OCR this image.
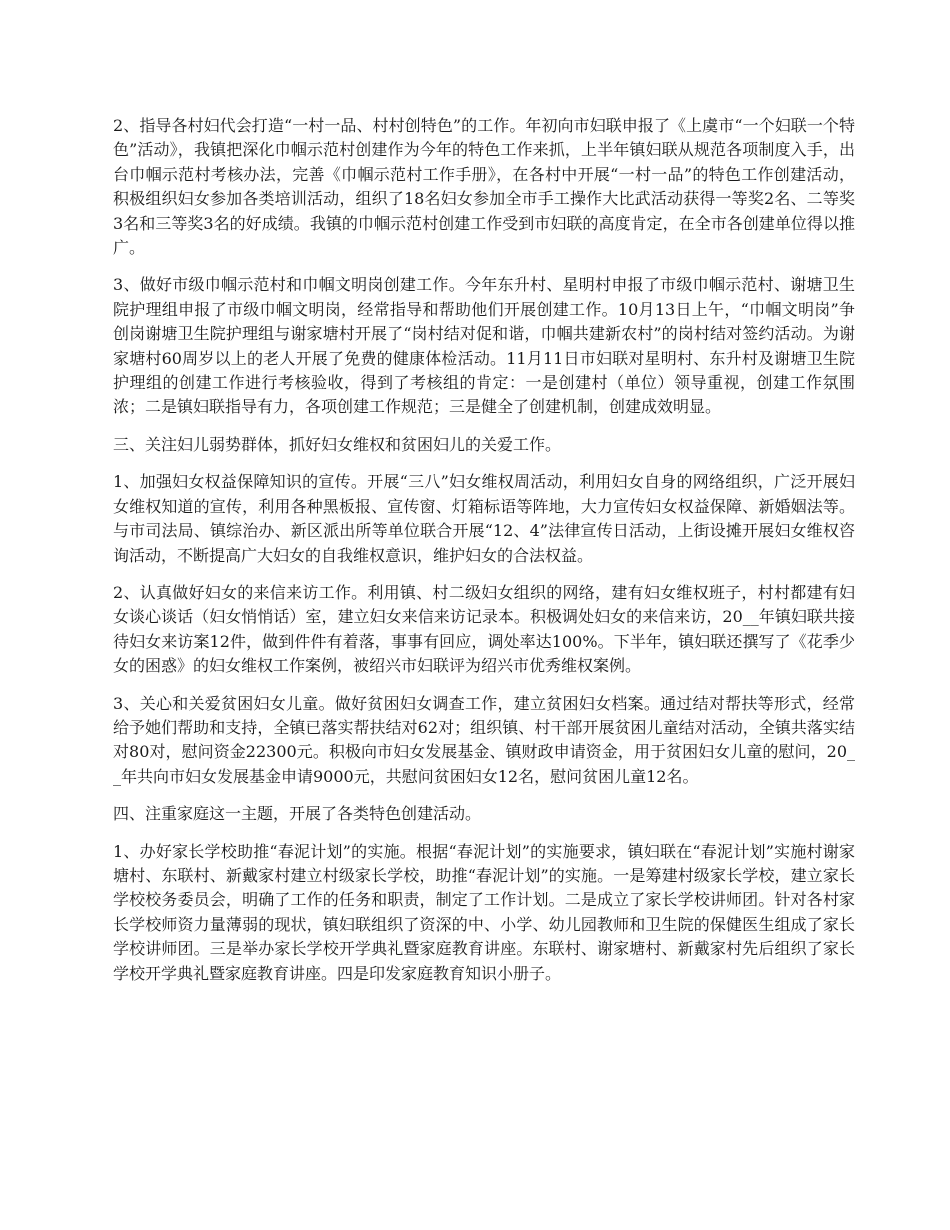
2、指导各村妇代会打造“一村一品、村村创特色”的工作。年初向市妇联申报了《上虞市“一个妇联一个特色”活动》，我镇把深化巾帼示范村创建作为今年的特色工作来抓，上半年镇妇联从规范各项制度入手，出台巾帼示范村考核办法，完善《巾帼示范村工作手册》，在各村中开展“一村一品”的特色工作创建活动，积极组织妇女参加各类培训活动，组织了18名妇女参加全市手工操作大比武活动获得一等奖2名、二等奖3名和三等奖3名的好成绩。我镇的巾帼示范村创建工作受到市妇联的高度肯定，在全市各创建单位得以推广。

3、做好市级巾帼示范村和巾帼文明岗创建工作。今年东升村、星明村申报了市级巾帼示范村、谢塘卫生院护理组申报了市级巾帼文明岗，经常指导和帮助他们开展创建工作。10月13日上午，“巾帼文明岗”争创岗谢塘卫生院护理组与谢家塘村开展了“岗村结对促和谐，巾帼共建新农村”的岗村结对签约活动。为谢家塘村60周岁以上的老人开展了免费的健康体检活动。11月11日市妇联对星明村、东升村及谢塘卫生院护理组的创建工作进行考核验收，得到了考核组的肯定：一是创建村（单位）领导重视，创建工作氛围浓；二是镇妇联指导有力，各项创建工作规范；三是健全了创建机制，创建成效明显。

三、关注妇儿弱势群体，抓好妇女维权和贫困妇儿的关爱工作。

1、加强妇女权益保障知识的宣传。开展“三八”妇女维权周活动，利用妇女自身的网络组织，广泛开展妇女维权知道的宣传，利用各种黑板报、宣传窗、灯箱标语等阵地，大力宣传妇女权益保障、新婚姻法等。与市司法局、镇综治办、新区派出所等单位联合开展“12、4”法律宣传日活动，上街设摊开展妇女维权咨询活动，不断提高广大妇女的自我维权意识，维护妇女的合法权益。

2、认真做好妇女的来信来访工作。利用镇、村二级妇女组织的网络，建有妇女维权班子，村村都建有妇女谈心谈话（妇女悄悄话）室，建立妇女来信来访记录本。积极调处妇女的来信来访，20__年镇妇联共接待妇女来访案12件，做到件件有着落，事事有回应，调处率达100%。下半年，镇妇联还撰写了《花季少女的困惑》的妇女维权工作案例，被绍兴市妇联评为绍兴市优秀维权案例。

3、关心和关爱贫困妇女儿童。做好贫困妇女调查工作，建立贫困妇女档案。通过结对帮扶等形式，经常给予她们帮助和支持，全镇已落实帮扶结对62对；组织镇、村干部开展贫困儿童结对活动，全镇共落实结对80对，慰问资金22300元。积极向市妇女发展基金、镇财政申请资金，用于贫困妇女儿童的慰问，20__年共向市妇女发展基金申请9000元，共慰问贫困妇女12名，慰问贫困儿童12名。

四、注重家庭这一主题，开展了各类特色创建活动。

1、办好家长学校助推“春泥计划”的实施。根据“春泥计划”的实施要求，镇妇联在“春泥计划”实施村谢家塘村、东联村、新戴家村建立村级家长学校，助推“春泥计划”的实施。一是筹建村级家长学校，建立家长学校校务委员会，明确了工作的任务和职责，制定了工作计划。二是成立了家长学校讲师团。针对各村家长学校师资力量薄弱的现状，镇妇联组织了资深的中、小学、幼儿园教师和卫生院的保健医生组成了家长学校讲师团。三是举办家长学校开学典礼暨家庭教育讲座。东联村、谢家塘村、新戴家村先后组织了家长学校开学典礼暨家庭教育讲座。四是印发家庭教育知识小册子。
